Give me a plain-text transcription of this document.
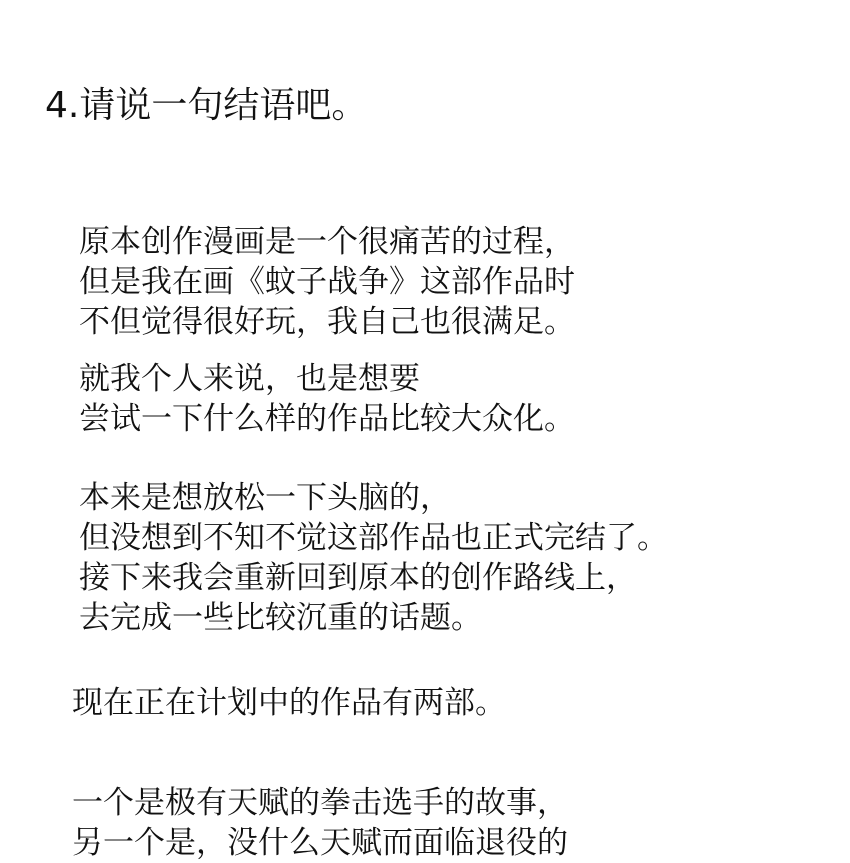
4.请说一句结语吧。
原本创作漫画是一个很痛苦的过程，
但是我在画《蚊子战争》这部作品时
不但觉得很好玩，我自己也很满足。
就我个人来说，也是想要
尝试一下什么样的作品比较大众化。
本来是想放松一下头脑的，
但没想到不知不觉这部作品也正式完结了。
接下来我会重新回到原本的创作路线上，
去完成一些比较沉重的话题。
现在正在计划中的作品有两部。
一个是极有天赋的拳击选手的故事，
另一个是，没什么天赋而面临退役的
